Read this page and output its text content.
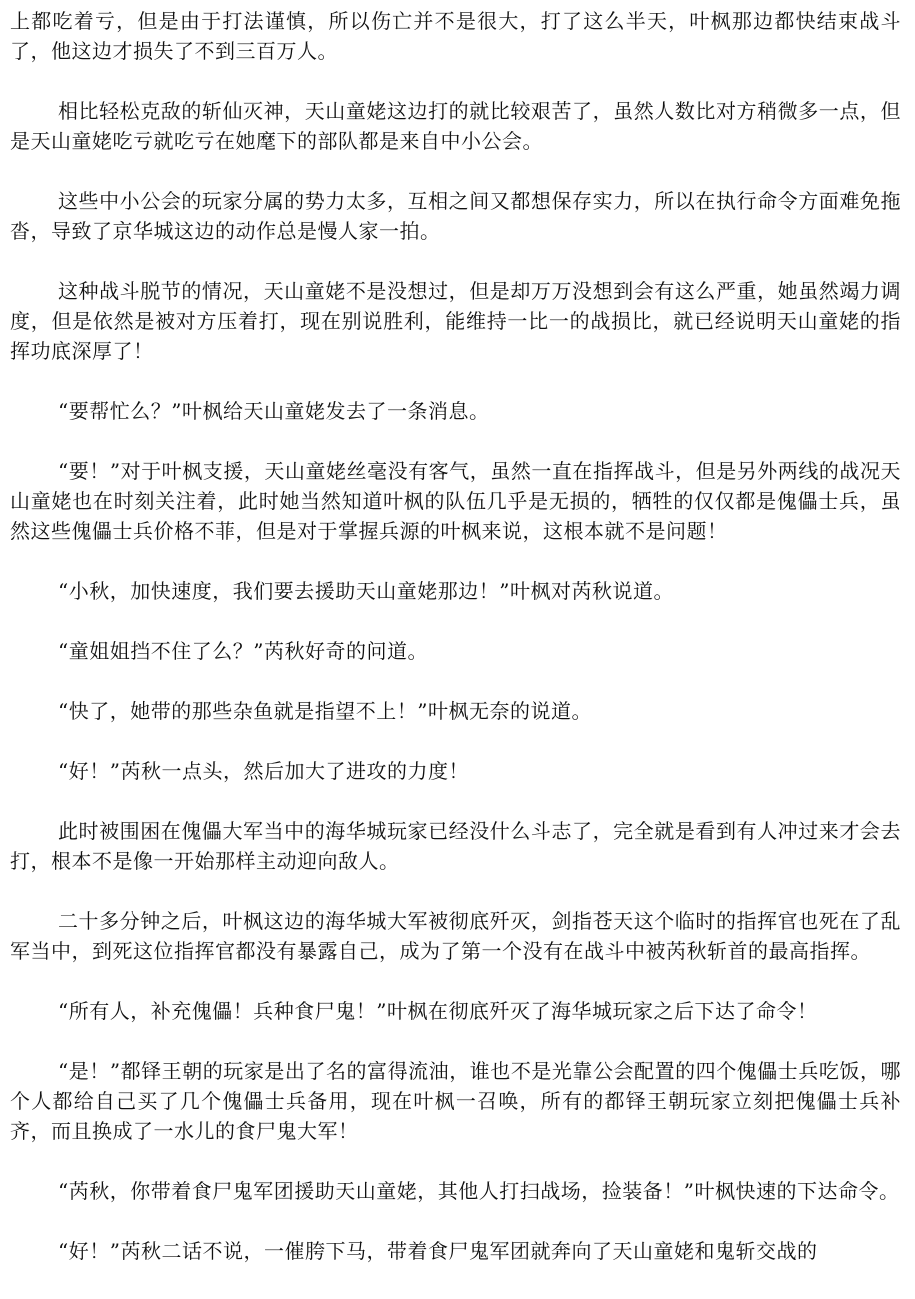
上都吃着亏，但是由于打法谨慎，所以伤亡并不是很大，打了这么半天，叶枫那边都快结束战斗了，他这边才损失了不到三百万人。

相比轻松克敌的斩仙灭神，天山童姥这边打的就比较艰苦了，虽然人数比对方稍微多一点，但是天山童姥吃亏就吃亏在她麾下的部队都是来自中小公会。

这些中小公会的玩家分属的势力太多，互相之间又都想保存实力，所以在执行命令方面难免拖沓，导致了京华城这边的动作总是慢人家一拍。

这种战斗脱节的情况，天山童姥不是没想过，但是却万万没想到会有这么严重，她虽然竭力调度，但是依然是被对方压着打，现在别说胜利，能维持一比一的战损比，就已经说明天山童姥的指挥功底深厚了！

“要帮忙么？”叶枫给天山童姥发去了一条消息。

“要！”对于叶枫支援，天山童姥丝毫没有客气，虽然一直在指挥战斗，但是另外两线的战况天山童姥也在时刻关注着，此时她当然知道叶枫的队伍几乎是无损的，牺牲的仅仅都是傀儡士兵，虽然这些傀儡士兵价格不菲，但是对于掌握兵源的叶枫来说，这根本就不是问题！

“小秋，加快速度，我们要去援助天山童姥那边！”叶枫对芮秋说道。

“童姐姐挡不住了么？”芮秋好奇的问道。

“快了，她带的那些杂鱼就是指望不上！”叶枫无奈的说道。

“好！”芮秋一点头，然后加大了进攻的力度！

此时被围困在傀儡大军当中的海华城玩家已经没什么斗志了，完全就是看到有人冲过来才会去打，根本不是像一开始那样主动迎向敌人。

二十多分钟之后，叶枫这边的海华城大军被彻底歼灭，剑指苍天这个临时的指挥官也死在了乱军当中，到死这位指挥官都没有暴露自己，成为了第一个没有在战斗中被芮秋斩首的最高指挥。

“所有人，补充傀儡！兵种食尸鬼！”叶枫在彻底歼灭了海华城玩家之后下达了命令！

“是！”都铎王朝的玩家是出了名的富得流油，谁也不是光靠公会配置的四个傀儡士兵吃饭，哪个人都给自己买了几个傀儡士兵备用，现在叶枫一召唤，所有的都铎王朝玩家立刻把傀儡士兵补齐，而且换成了一水儿的食尸鬼大军！

“芮秋，你带着食尸鬼军团援助天山童姥，其他人打扫战场，捡装备！”叶枫快速的下达命令。

“好！”芮秋二话不说，一催胯下马，带着食尸鬼军团就奔向了天山童姥和鬼斩交战的
